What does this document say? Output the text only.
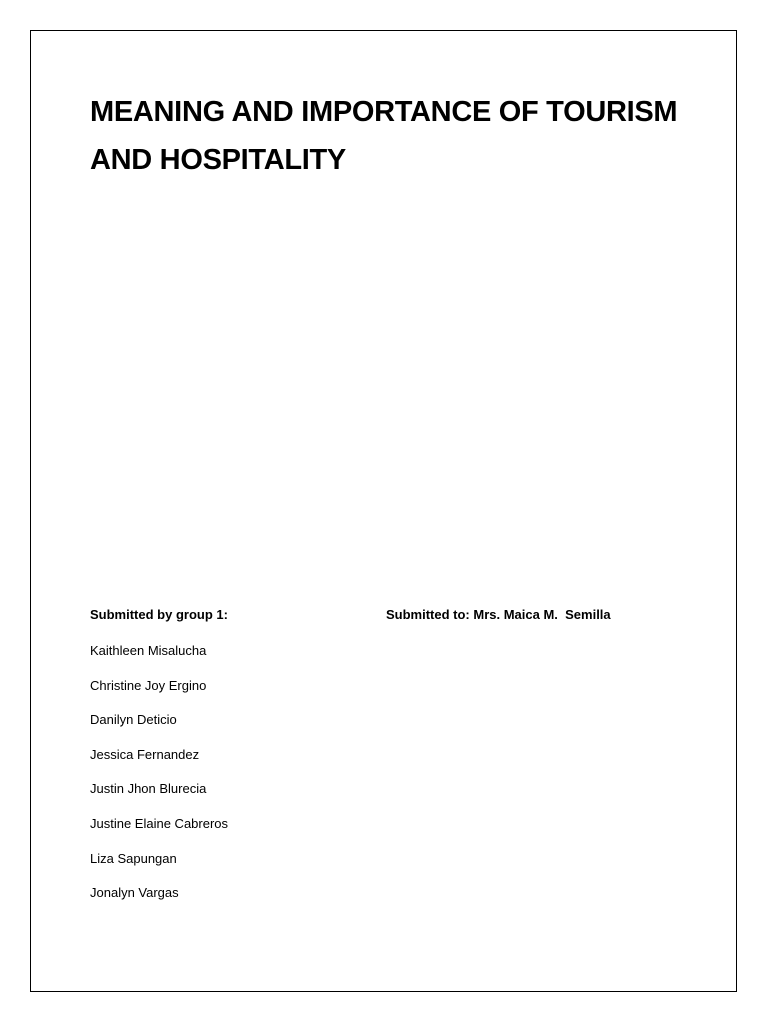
MEANING AND IMPORTANCE OF TOURISM
AND HOSPITALITY

Submitted by group 1:	Submitted to: Mrs. Maica M.  Semilla

Kaithleen Misalucha
Christine Joy Ergino
Danilyn Deticio
Jessica Fernandez
Justin Jhon Blurecia
Justine Elaine Cabreros
Liza Sapungan
Jonalyn Vargas
